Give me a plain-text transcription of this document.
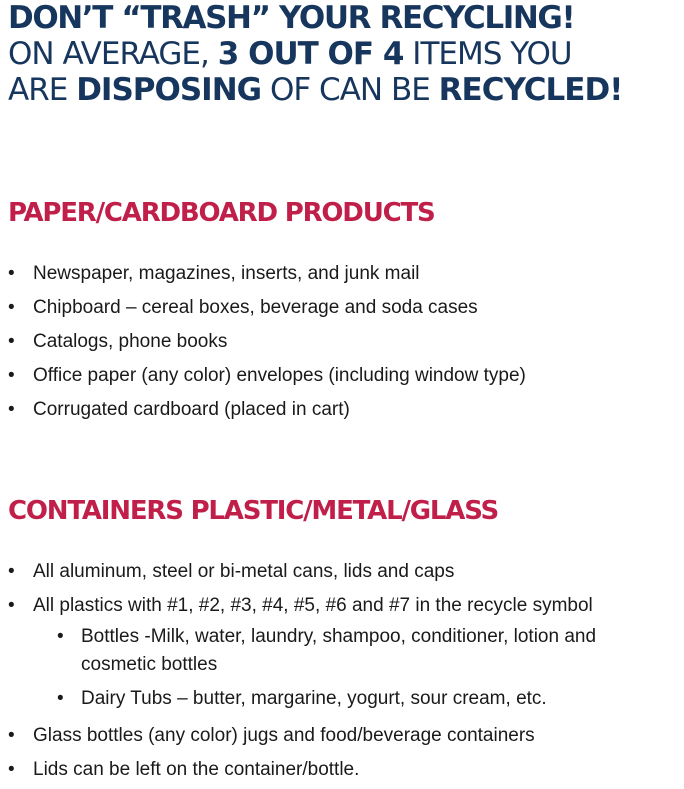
DON’T “TRASH” YOUR RECYCLING!
ON AVERAGE, 3 OUT OF 4 ITEMS YOU
ARE DISPOSING OF CAN BE RECYCLED!
PAPER/CARDBOARD PRODUCTS
• Newspaper, magazines, inserts, and junk mail
• Chipboard – cereal boxes, beverage and soda cases
• Catalogs, phone books
• Office paper (any color) envelopes (including window type)
• Corrugated cardboard (placed in cart)
CONTAINERS PLASTIC/METAL/GLASS
• All aluminum, steel or bi-metal cans, lids and caps
• All plastics with #1, #2, #3, #4, #5, #6 and #7 in the recycle symbol
• Bottles -Milk, water, laundry, shampoo, conditioner, lotion and cosmetic bottles
• Dairy Tubs – butter, margarine, yogurt, sour cream, etc.
• Glass bottles (any color) jugs and food/beverage containers
• Lids can be left on the container/bottle.
